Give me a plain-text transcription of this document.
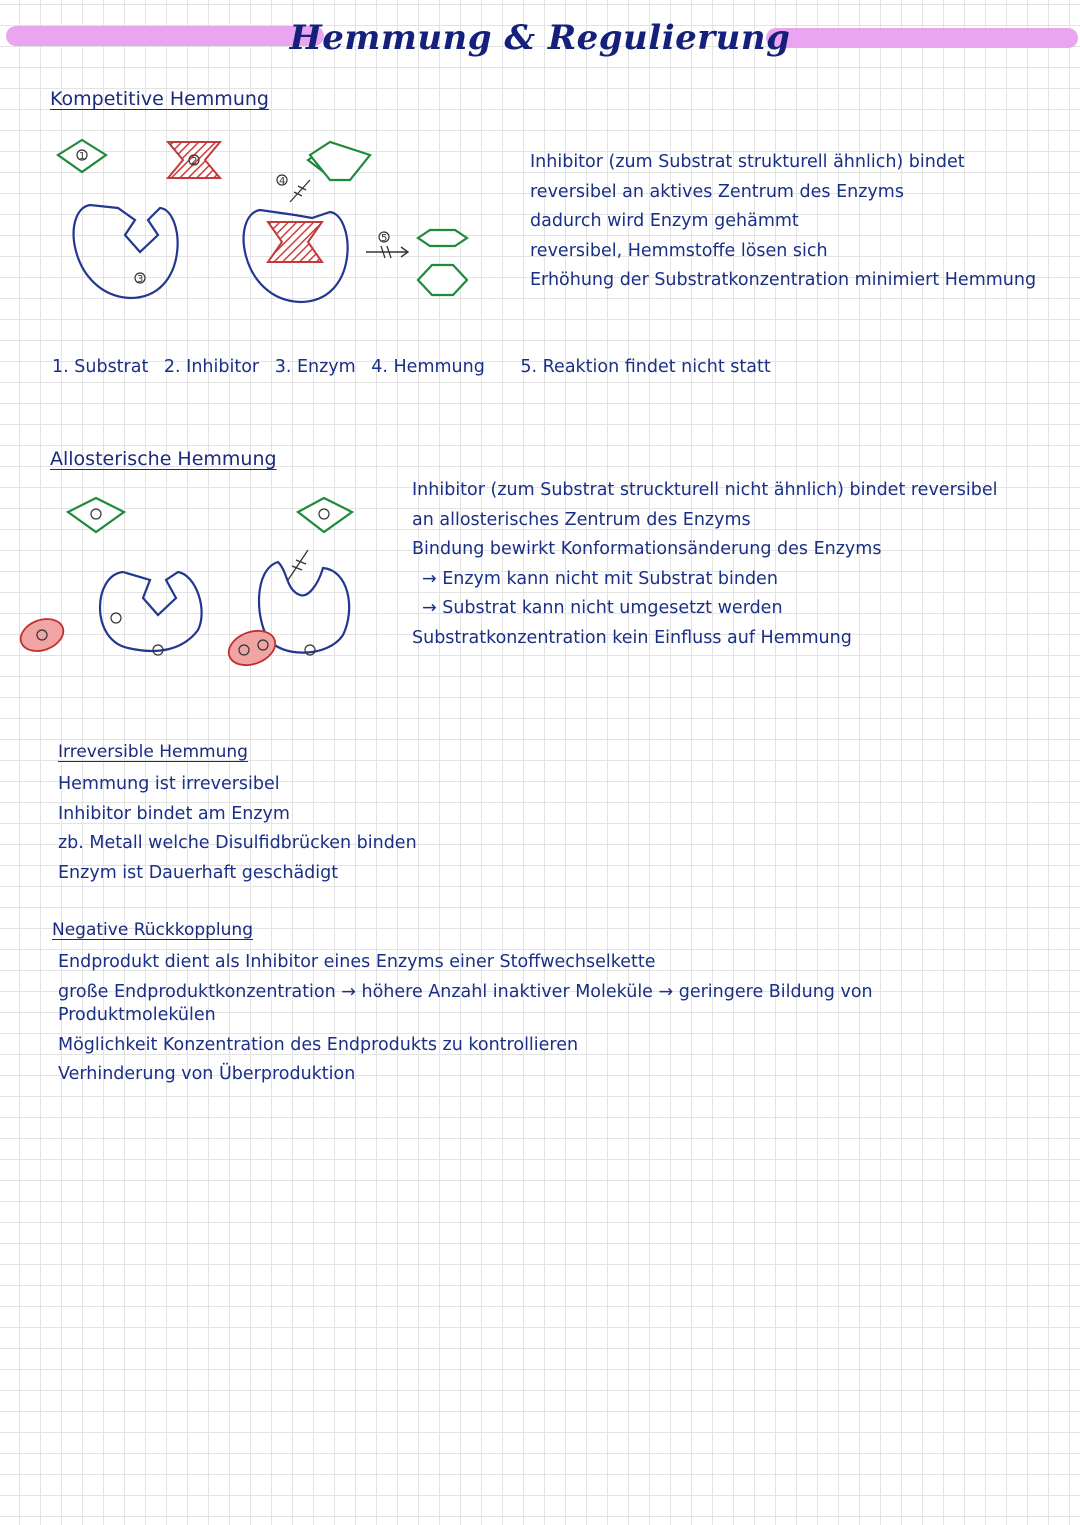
Hemmung & Regulierung
Kompetitive Hemmung
1	2
3
4
5
Inhibitor (zum Substrat strukturell ähnlich) bindet
reversibel an aktives Zentrum des Enzyms
dadurch wird Enzym gehämmt
reversibel, Hemmstoffe lösen sich
Erhöhung der Substratkonzentration minimiert Hemmung
1. Substrat 2. Inhibitor 3. Enzym 4. Hemmung 5. Reaktion findet nicht statt
Allosterische Hemmung
Inhibitor (zum Substrat struckturell nicht ähnlich) bindet reversibel
an allosterisches Zentrum des Enzyms
Bindung bewirkt Konformationsänderung des Enzyms
→ Enzym kann nicht mit Substrat binden
→ Substrat kann nicht umgesetzt werden
Substratkonzentration kein Einfluss auf Hemmung
Irreversible Hemmung
Hemmung ist irreversibel
Inhibitor bindet am Enzym
zb. Metall welche Disulfidbrücken binden
Enzym ist Dauerhaft geschädigt
Negative Rückkopplung
Endprodukt dient als Inhibitor eines Enzyms einer Stoffwechselkette
große Endproduktkonzentration → höhere Anzahl inaktiver Moleküle → geringere Bildung von
Produktmolekülen
Möglichkeit Konzentration des Endprodukts zu kontrollieren
Verhinderung von Überproduktion
